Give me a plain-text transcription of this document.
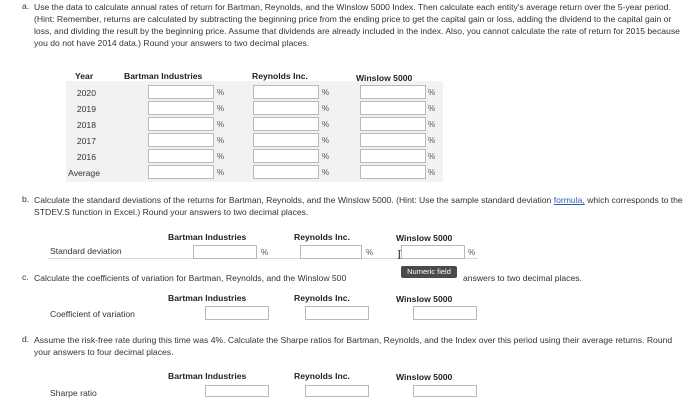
a. Use the data to calculate annual rates of return for Bartman, Reynolds, and the Winslow 5000 Index. Then calculate each entity's average return over the 5-year period. (Hint: Remember, returns are calculated by subtracting the beginning price from the ending price to get the capital gain or loss, adding the dividend to the capital gain or loss, and dividing the result by the beginning price. Assume that dividends are already included in the index. Also, you cannot calculate the rate of return for 2015 because you do not have 2014 data.) Round your answers to two decimal places.
Year	Bartman Industries	Reynolds Inc.	Winslow 5000
2020	%	%	%
2019	%	%	%
2018	%	%	%
2017	%	%	%
2016	%	%	%
Average	%	%	%
b. Calculate the standard deviations of the returns for Bartman, Reynolds, and the Winslow 5000. (Hint: Use the sample standard deviation formula, which corresponds to the STDEV.S function in Excel.) Round your answers to two decimal places.
Bartman Industries	Reynolds Inc.	Winslow 5000
Standard deviation	%	%	%
I
c. Calculate the coefficients of variation for Bartman, Reynolds, and the Winslow 500	answers to two decimal places.
Numeric field
Bartman Industries	Reynolds Inc.	Winslow 5000
Coefficient of variation
d. Assume the risk-free rate during this time was 4%. Calculate the Sharpe ratios for Bartman, Reynolds, and the Index over this period using their average returns. Round your answers to four decimal places.
Bartman Industries	Reynolds Inc.	Winslow 5000
Sharpe ratio
